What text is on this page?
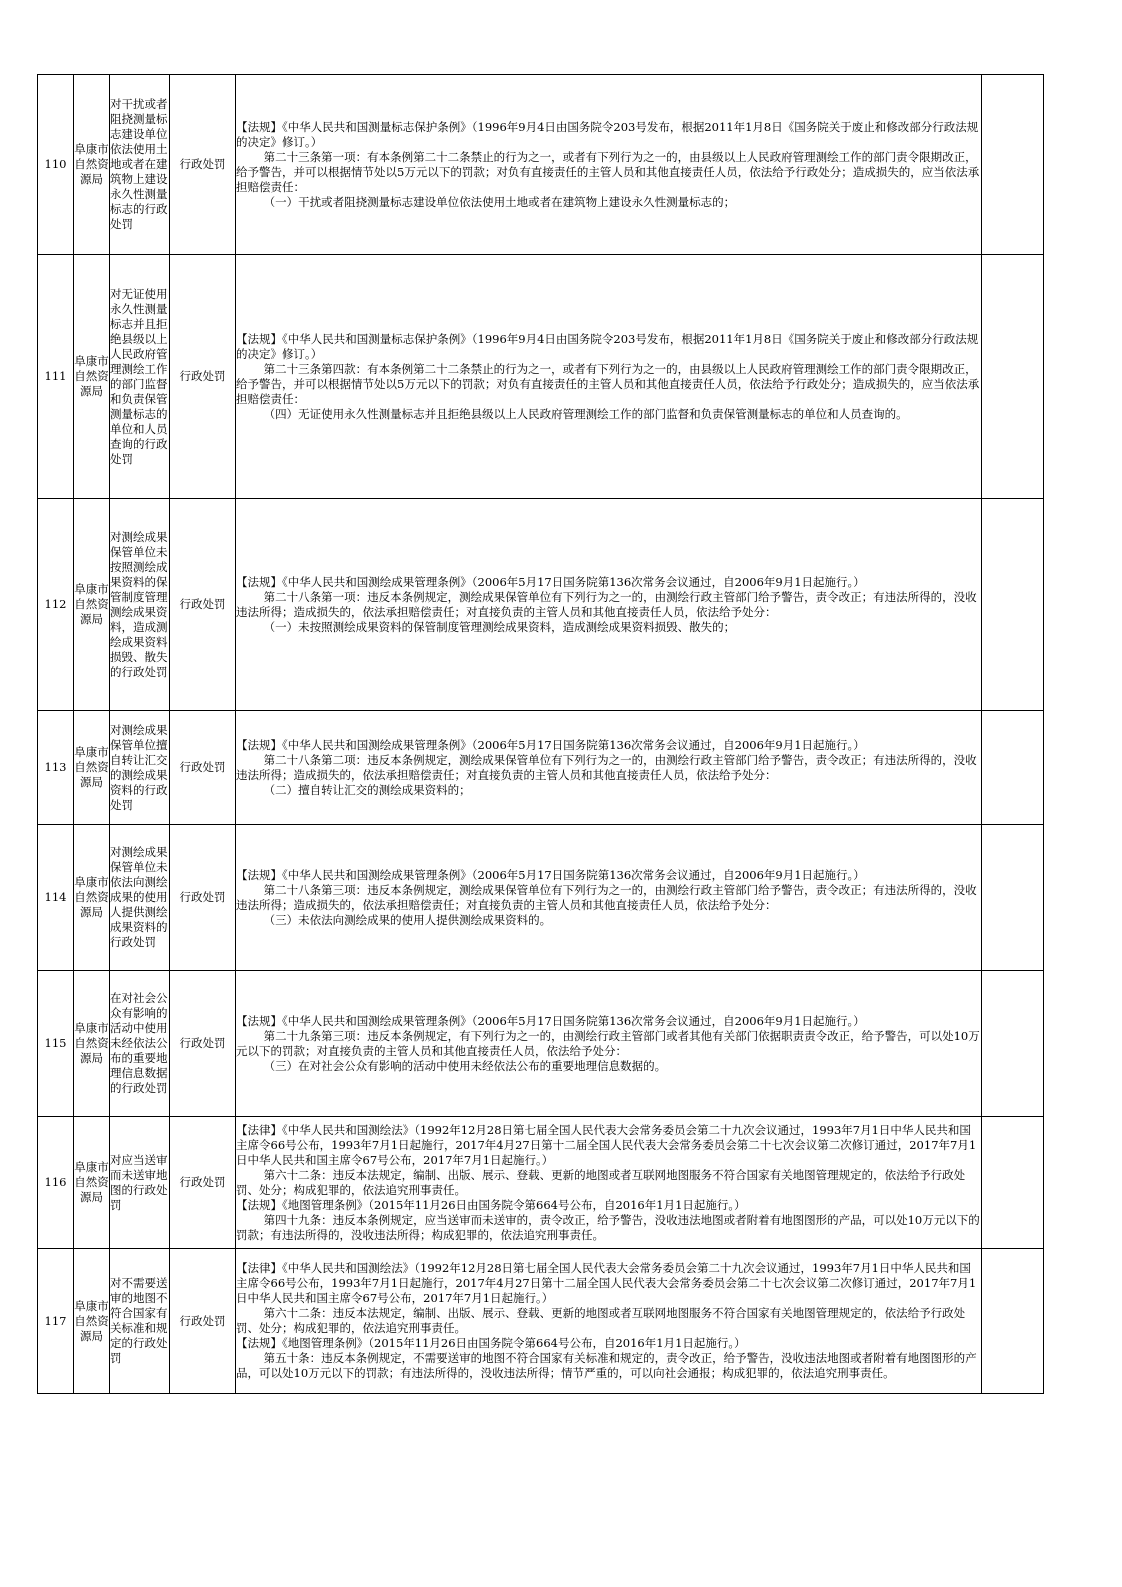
110	阜康市自然资源局	对干扰或者阻挠测量标志建设单位依法使用土地或者在建筑物上建设永久性测量标志的行政处罚	行政处罚	【法规】《中华人民共和国测量标志保护条例》（1996年9月4日由国务院令203号发布，根据2011年1月8日《国务院关于废止和修改部分行政法规的决定》修订。）
第二十三条第一项：有本条例第二十二条禁止的行为之一，或者有下列行为之一的，由县级以上人民政府管理测绘工作的部门责令限期改正，给予警告，并可以根据情节处以5万元以下的罚款；对负有直接责任的主管人员和其他直接责任人员，依法给予行政处分；造成损失的，应当依法承担赔偿责任：
（一）干扰或者阻挠测量标志建设单位依法使用土地或者在建筑物上建设永久性测量标志的；	

111	阜康市自然资源局	对无证使用永久性测量标志并且拒绝县级以上人民政府管理测绘工作的部门监督和负责保管测量标志的单位和人员查询的行政处罚	行政处罚	【法规】《中华人民共和国测量标志保护条例》（1996年9月4日由国务院令203号发布，根据2011年1月8日《国务院关于废止和修改部分行政法规的决定》修订。）
第二十三条第四款：有本条例第二十二条禁止的行为之一，或者有下列行为之一的，由县级以上人民政府管理测绘工作的部门责令限期改正，给予警告，并可以根据情节处以5万元以下的罚款；对负有直接责任的主管人员和其他直接责任人员，依法给予行政处分；造成损失的，应当依法承担赔偿责任：
（四）无证使用永久性测量标志并且拒绝县级以上人民政府管理测绘工作的部门监督和负责保管测量标志的单位和人员查询的。	

112	阜康市自然资源局	对测绘成果保管单位未按照测绘成果资料的保管制度管理测绘成果资料，造成测绘成果资料损毁、散失的行政处罚	行政处罚	【法规】《中华人民共和国测绘成果管理条例》（2006年5月17日国务院第136次常务会议通过，自2006年9月1日起施行。）
第二十八条第一项：违反本条例规定，测绘成果保管单位有下列行为之一的，由测绘行政主管部门给予警告，责令改正；有违法所得的，没收违法所得；造成损失的，依法承担赔偿责任；对直接负责的主管人员和其他直接责任人员，依法给予处分：
（一）未按照测绘成果资料的保管制度管理测绘成果资料，造成测绘成果资料损毁、散失的；	

113	阜康市自然资源局	对测绘成果保管单位擅自转让汇交的测绘成果资料的行政处罚	行政处罚	【法规】《中华人民共和国测绘成果管理条例》（2006年5月17日国务院第136次常务会议通过，自2006年9月1日起施行。）
第二十八条第二项：违反本条例规定，测绘成果保管单位有下列行为之一的，由测绘行政主管部门给予警告，责令改正；有违法所得的，没收违法所得；造成损失的，依法承担赔偿责任；对直接负责的主管人员和其他直接责任人员，依法给予处分：
（二）擅自转让汇交的测绘成果资料的；	

114	阜康市自然资源局	对测绘成果保管单位未依法向测绘成果的使用人提供测绘成果资料的行政处罚	行政处罚	【法规】《中华人民共和国测绘成果管理条例》（2006年5月17日国务院第136次常务会议通过，自2006年9月1日起施行。）
第二十八条第三项：违反本条例规定，测绘成果保管单位有下列行为之一的，由测绘行政主管部门给予警告，责令改正；有违法所得的，没收违法所得；造成损失的，依法承担赔偿责任；对直接负责的主管人员和其他直接责任人员，依法给予处分：
（三）未依法向测绘成果的使用人提供测绘成果资料的。	

115	阜康市自然资源局	在对社会公众有影响的活动中使用未经依法公布的重要地理信息数据的行政处罚	行政处罚	【法规】《中华人民共和国测绘成果管理条例》（2006年5月17日国务院第136次常务会议通过，自2006年9月1日起施行。）
第二十九条第三项：违反本条例规定，有下列行为之一的，由测绘行政主管部门或者其他有关部门依据职责责令改正，给予警告，可以处10万元以下的罚款；对直接负责的主管人员和其他直接责任人员，依法给予处分：
（三）在对社会公众有影响的活动中使用未经依法公布的重要地理信息数据的。	

116	阜康市自然资源局	对应当送审而未送审地图的行政处罚	行政处罚	【法律】《中华人民共和国测绘法》（1992年12月28日第七届全国人民代表大会常务委员会第二十九次会议通过，1993年7月1日中华人民共和国主席令66号公布，1993年7月1日起施行，2017年4月27日第十二届全国人民代表大会常务委员会第二十七次会议第二次修订通过，2017年7月1日中华人民共和国主席令67号公布，2017年7月1日起施行。）
第六十二条：违反本法规定，编制、出版、展示、登载、更新的地图或者互联网地图服务不符合国家有关地图管理规定的，依法给予行政处罚、处分；构成犯罪的，依法追究刑事责任。
【法规】《地图管理条例》（2015年11月26日由国务院令第664号公布，自2016年1月1日起施行。）
第四十九条：违反本条例规定，应当送审而未送审的，责令改正，给予警告，没收违法地图或者附着有地图图形的产品，可以处10万元以下的罚款；有违法所得的，没收违法所得；构成犯罪的，依法追究刑事责任。	

117	阜康市自然资源局	对不需要送审的地图不符合国家有关标准和规定的行政处罚	行政处罚	【法律】《中华人民共和国测绘法》（1992年12月28日第七届全国人民代表大会常务委员会第二十九次会议通过，1993年7月1日中华人民共和国主席令66号公布，1993年7月1日起施行，2017年4月27日第十二届全国人民代表大会常务委员会第二十七次会议第二次修订通过，2017年7月1日中华人民共和国主席令67号公布，2017年7月1日起施行。）
第六十二条：违反本法规定，编制、出版、展示、登载、更新的地图或者互联网地图服务不符合国家有关地图管理规定的，依法给予行政处罚、处分；构成犯罪的，依法追究刑事责任。
【法规】《地图管理条例》（2015年11月26日由国务院令第664号公布，自2016年1月1日起施行。）
第五十条：违反本条例规定，不需要送审的地图不符合国家有关标准和规定的，责令改正，给予警告，没收违法地图或者附着有地图图形的产品，可以处10万元以下的罚款；有违法所得的，没收违法所得；情节严重的，可以向社会通报；构成犯罪的，依法追究刑事责任。	
